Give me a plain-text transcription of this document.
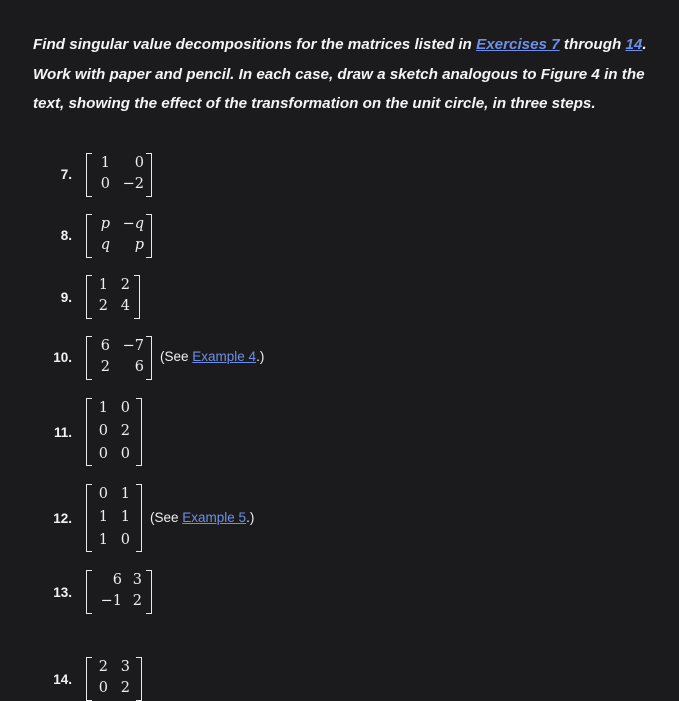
Find singular value decompositions for the matrices listed in Exercises 7 through 14. Work with paper and pencil. In each case, draw a sketch analogous to Figure 4 in the text, showing the effect of the transformation on the unit circle, in three steps.
7.
1	0
0 −2
8.
p −q
q	p
9.
1 2
2 4
10.
6 −7
2	6
(See Example 4.)
11.
1 0
0 2
0 0
12.
0 1
1 1
1 0
(See Example 5.)
13.
6 3
−1 2
14.
2 3
0 2
